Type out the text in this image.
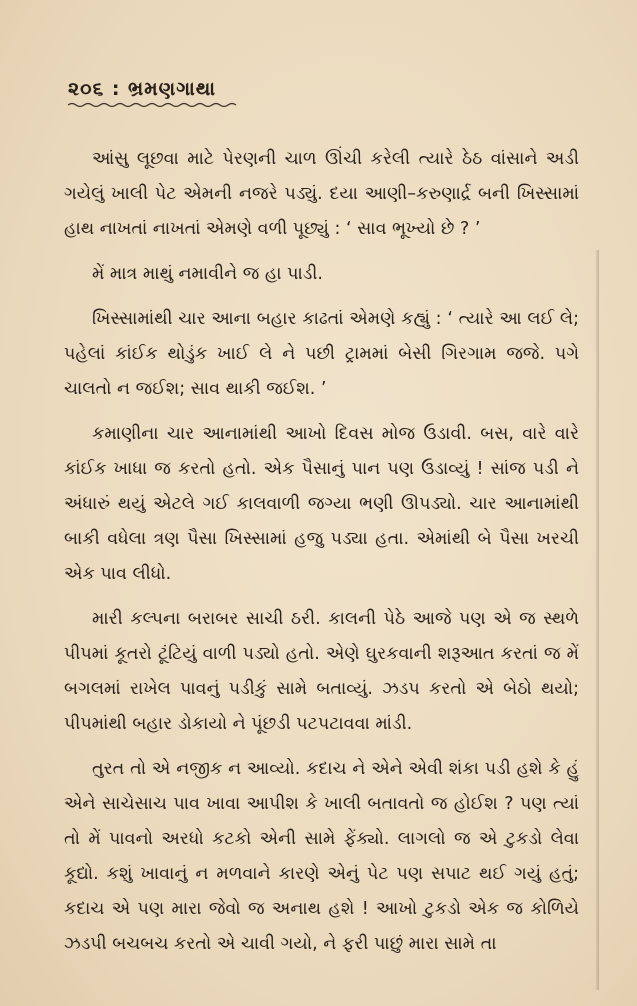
૨૦૬ : ભ્રમણગાથા

આંસુ લૂછવા માટે પેરણની ચાળ ઊંચી કરેલી ત્યારે ઠેઠ વાંસાને અડી ગયેલું ખાલી પેટ એમની નજરે પડ્યું. દયા આણી–કરુણાર્દ્ર બની ખિસ્સામાં હાથ નાખતાં નાખતાં એમણે વળી પૂછ્યું : ‘ સાવ ભૂખ્યો છે ? ’

મેં માત્ર માથું નમાવીને જ હા પાડી.

ખિસ્સામાંથી ચાર આના બહાર કાઢતાં એમણે કહ્યું : ‘ ત્યારે આ લઈ લે; પહેલાં કાંઈક થોડુંક ખાઈ લે ને પછી ટ્રામમાં બેસી ગિરગામ જજે. પગે ચાલતો ન જઈશ; સાવ થાકી જઈશ. ’

કમાણીના ચાર આનામાંથી આખો દિવસ મોજ ઉડાવી. બસ, વારે વારે કાંઈક ખાધા જ કરતો હતો. એક પૈસાનું પાન પણ ઉડાવ્યું ! સાંજ પડી ને અંધારું થયું એટલે ગઈ કાલવાળી જગ્યા ભણી ઊપડ્યો. ચાર આનામાંથી બાકી વધેલા ત્રણ પૈસા ખિસ્સામાં હજુ પડ્યા હતા. એમાંથી બે પૈસા ખરચી એક પાવ લીધો.

મારી કલ્પના બરાબર સાચી ઠરી. કાલની પેઠે આજે પણ એ જ સ્થળે પીપમાં કૂતરો ટૂંટિયું વાળી પડ્યો હતો. એણે ઘુરકવાની શરૂઆત કરતાં જ મેં બગલમાં રાખેલ પાવનું પડીકું સામે બતાવ્યું. ઝડપ કરતો એ બેઠો થયો; પીપમાંથી બહાર ડોકાયો ને પૂંછડી પટપટાવવા માંડી.

તુરત તો એ નજીક ન આવ્યો. કદાચ ને એને એવી શંકા પડી હશે કે હું એને સાચેસાચ પાવ ખાવા આપીશ કે ખાલી બતાવતો જ હોઈશ ? પણ ત્યાં તો મેં પાવનો અરધો કટકો એની સામે ફેંક્યો. લાગલો જ એ ટુકડો લેવા કૂદ્યો. કશું ખાવાનું ન મળવાને કારણે એનું પેટ પણ સપાટ થઈ ગયું હતું; કદાચ એ પણ મારા જેવો જ અનાથ હશે ! આખો ટુકડો એક જ કોળિયે ઝડપી બચબચ કરતો એ ચાવી ગયો, ને ફરી પાછું મારા સામે તા
